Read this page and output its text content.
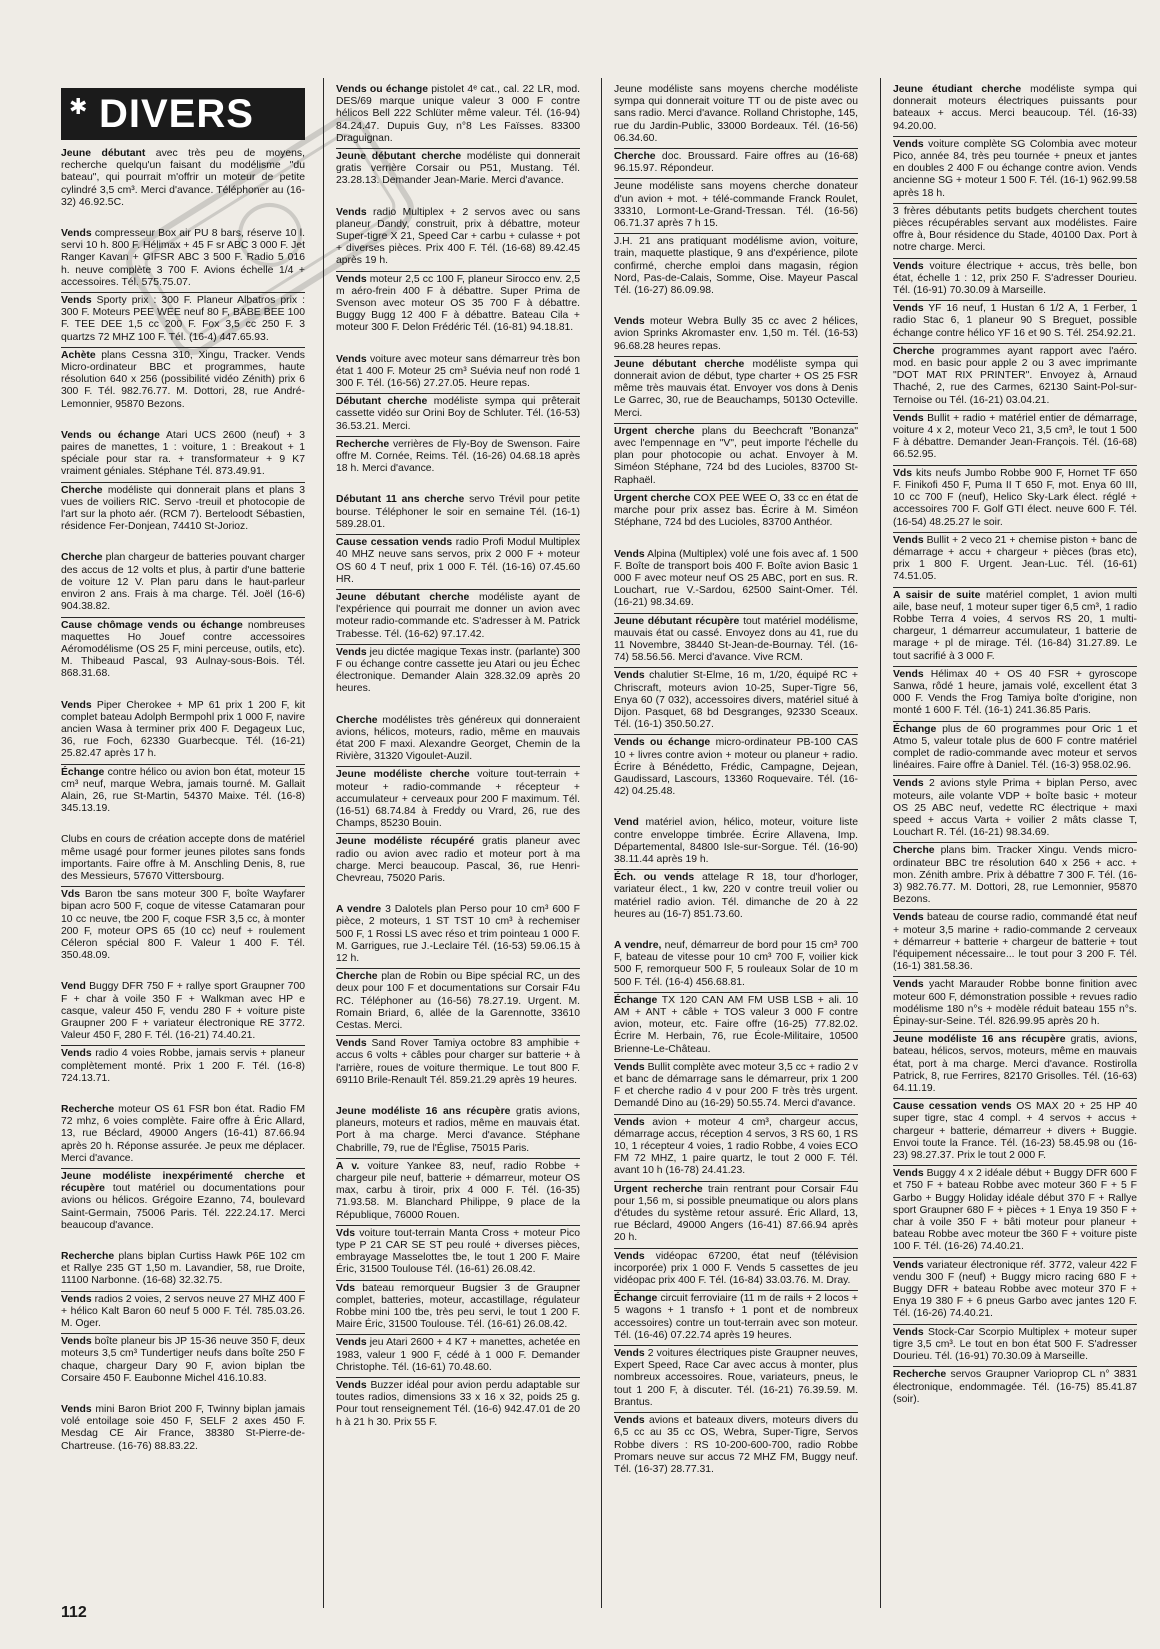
✱ DIVERS
Jeune débutant avec très peu de moyens, recherche quelqu'un faisant du modélisme "du bateau", qui pourrait m'offrir un moteur de petite cylindré 3,5 cm³. Merci d'avance. Téléphoner au (16-32) 46.92.5C.
Vends compresseur Box air PU 8 bars, réserve 10 l. servi 10 h. 800 F. Hélimax + 45 F sr ABC 3 000 F. Jet Ranger Kavan + GIFSR ABC 3 500 F. Radio 5 016 h. neuve complète 3 700 F. Avions échelle 1/4 + accessoires. Tél. 575.75.07.
Vends Sporty prix : 300 F. Planeur Albatros prix : 300 F. Moteurs PEE WEE neuf 80 F, BABE BEE 100 F. TEE DEE 1,5 cc 200 F. Fox 3,5 cc 250 F. 3 quartzs 72 MHZ 100 F. Tél. (16-4) 447.65.93.
Achète plans Cessna 310, Xingu, Tracker. Vends Micro-ordinateur BBC et programmes, haute résolution 640 x 256 (possibilité vidéo Zénith) prix 6 300 F. Tél. 982.76.77. M. Dottori, 28, rue André-Lemonnier, 95870 Bezons.
Vends ou échange Atari UCS 2600 (neuf) + 3 paires de manettes, 1 : voiture, 1 : Breakout + 1 spéciale pour star ra. + transformateur + 9 K7 vraiment géniales. Stéphane Tél. 873.49.91.
Cherche modéliste qui donnerait plans et plans 3 vues de voiliers RIC. Servo -treuil et photocopie de l'art sur la photo aér. (RCM 7). Berteloodt Sébastien, résidence Fer-Donjean, 74410 St-Jorioz.
Cherche plan chargeur de batteries pouvant charger des accus de 12 volts et plus, à partir d'une batterie de voiture 12 V. Plan paru dans le haut-parleur environ 2 ans. Frais à ma charge. Tél. Joël (16-6) 904.38.82.
Cause chômage vends ou échange nombreuses maquettes Ho Jouef contre accessoires Aéromodélisme (OS 25 F, mini perceuse, outils, etc). M. Thibeaud Pascal, 93 Aulnay-sous-Bois. Tél. 868.31.68.
Vends Piper Cherokee + MP 61 prix 1 200 F, kit complet bateau Adolph Bermpohl prix 1 000 F, navire ancien Wasa à terminer prix 400 F. Degageux Luc, 36, rue Foch, 62330 Guarbecque. Tél. (16-21) 25.82.47 après 17 h.
Échange contre hélico ou avion bon état, moteur 15 cm³ neuf, marque Webra, jamais tourné. M. Gallait Alain, 26, rue St-Martin, 54370 Maixe. Tél. (16-8) 345.13.19.
Clubs en cours de création accepte dons de matériel même usagé pour former jeunes pilotes sans fonds importants. Faire offre à M. Anschling Denis, 8, rue des Messieurs, 57670 Vittersbourg.
Vds Baron tbe sans moteur 300 F, boîte Wayfarer bipan acro 500 F, coque de vitesse Catamaran pour 10 cc neuve, tbe 200 F, coque FSR 3,5 cc, à monter 200 F, moteur OPS 65 (10 cc) neuf + roulement Céleron spécial 800 F. Valeur 1 400 F. Tél. 350.48.09.
Vend Buggy DFR 750 F + rallye sport Graupner 700 F + char à voile 350 F + Walkman avec HP e casque, valeur 450 F, vendu 280 F + voiture piste Graupner 200 F + variateur électronique RE 3772. Valeur 450 F, 280 F. Tél. (16-21) 74.40.21.
Vends radio 4 voies Robbe, jamais servis + planeur complètement monté. Prix 1 200 F. Tél. (16-8) 724.13.71.
Recherche moteur OS 61 FSR bon état. Radio FM 72 mhz, 6 voies complète. Faire offre à Éric Allard, 13, rue Béclard, 49000 Angers (16-41) 87.66.94 après 20 h. Réponse assurée. Je peux me déplacer. Merci d'avance.
Jeune modéliste inexpérimenté cherche et récupère tout matériel ou documentations pour avions ou hélicos. Grégoire Ezanno, 74, boulevard Saint-Germain, 75006 Paris. Tél. 222.24.17. Merci beaucoup d'avance.
Recherche plans biplan Curtiss Hawk P6E 102 cm et Rallye 235 GT 1,50 m. Lavandier, 58, rue Droite, 11100 Narbonne. (16-68) 32.32.75.
Vends radios 2 voies, 2 servos neuve 27 MHZ 400 F + hélico Kalt Baron 60 neuf 5 000 F. Tél. 785.03.26. M. Oger.
Vends boîte planeur bis JP 15-36 neuve 350 F, deux moteurs 3,5 cm³ Tundertiger neufs dans boîte 250 F chaque, chargeur Dary 90 F, avion biplan tbe Corsaire 450 F. Eaubonne Michel 416.10.83.
Vends mini Baron Briot 200 F, Twinny biplan jamais volé entoilage soie 450 F, SELF 2 axes 450 F. Mesdag CE Air France, 38380 St-Pierre-de-Chartreuse. (16-76) 88.83.22.
Vends ou échange pistolet 4ᵉ cat., cal. 22 LR, mod. DES/69 marque unique valeur 3 000 F contre hélicos Bell 222 Schlüter même valeur. Tél. (16-94) 84.24.47. Dupuis Guy, n°8 Les Faïsses. 83300 Draguignan.
Jeune débutant cherche modéliste qui donnerait gratis verrière Corsair ou P51, Mustang. Tél. 23.28.13. Demander Jean-Marie. Merci d'avance.
Vends radio Multiplex + 2 servos avec ou sans planeur Dandy, construit, prix à débattre, moteur Super-tigre X 21, Speed Car + carbu + culasse + pot + diverses pièces. Prix 400 F. Tél. (16-68) 89.42.45 après 19 h.
Vends moteur 2,5 cc 100 F, planeur Sirocco env. 2,5 m aéro-frein 400 F à débattre. Super Prima de Svenson avec moteur OS 35 700 F à débattre. Buggy Bugg 12 400 F à débattre. Bateau Cila + moteur 300 F. Delon Frédéric Tél. (16-81) 94.18.81.
Vends voiture avec moteur sans démarreur très bon état 1 400 F. Moteur 25 cm³ Suévia neuf non rodé 1 300 F. Tél. (16-56) 27.27.05. Heure repas.
Débutant cherche modéliste sympa qui prêterait cassette vidéo sur Orini Boy de Schluter. Tél. (16-53) 36.53.21. Merci.
Recherche verrières de Fly-Boy de Swenson. Faire offre M. Cornée, Reims. Tél. (16-26) 04.68.18 après 18 h. Merci d'avance.
Débutant 11 ans cherche servo Trévil pour petite bourse. Téléphoner le soir en semaine Tél. (16-1) 589.28.01.
Cause cessation vends radio Profi Modul Multiplex 40 MHZ neuve sans servos, prix 2 000 F + moteur OS 60 4 T neuf, prix 1 000 F. Tél. (16-16) 07.45.60 HR.
Jeune débutant cherche modéliste ayant de l'expérience qui pourrait me donner un avion avec moteur radio-commande etc. S'adresser à M. Patrick Trabesse. Tél. (16-62) 97.17.42.
Vends jeu dictée magique Texas instr. (parlante) 300 F ou échange contre cassette jeu Atari ou jeu Échec électronique. Demander Alain 328.32.09 après 20 heures.
Cherche modélistes très généreux qui donneraient avions, hélicos, moteurs, radio, même en mauvais état 200 F maxi. Alexandre Georget, Chemin de la Rivière, 31320 Vigoulet-Auzil.
Jeune modéliste cherche voiture tout-terrain + moteur + radio-commande + récepteur + accumulateur + cerveaux pour 200 F maximum. Tél. (16-51) 68.74.84 à Freddy ou Vrard, 26, rue des Champs, 85230 Bouin.
Jeune modéliste récupéré gratis planeur avec radio ou avion avec radio et moteur port à ma charge. Merci beaucoup. Pascal, 36, rue Henri-Chevreau, 75020 Paris.
A vendre 3 Dalotels plan Perso pour 10 cm³ 600 F pièce, 2 moteurs, 1 ST TST 10 cm³ à rechemiser 500 F, 1 Rossi LS avec réso et trim pointeau 1 000 F. M. Garrigues, rue J.-Leclaire Tél. (16-53) 59.06.15 à 12 h.
Cherche plan de Robin ou Bipe spécial RC, un des deux pour 100 F et documentations sur Corsair F4u RC. Téléphoner au (16-56) 78.27.19. Urgent. M. Romain Briard, 6, allée de la Garennotte, 33610 Cestas. Merci.
Vends Sand Rover Tamiya octobre 83 amphibie + accus 6 volts + câbles pour charger sur batterie + à l'arrière, roues de voiture thermique. Le tout 800 F. 69110 Brile-Renault Tél. 859.21.29 après 19 heures.
Jeune modéliste 16 ans récupère gratis avions, planeurs, moteurs et radios, même en mauvais état. Port à ma charge. Merci d'avance. Stéphane Chabrille, 79, rue de l'Église, 75015 Paris.
A v. voiture Yankee 83, neuf, radio Robbe + chargeur pile neuf, batterie + démarreur, moteur OS max, carbu à tiroir, prix 4 000 F. Tél. (16-35) 71.93.58. M. Blanchard Philippe, 9 place de la République, 76000 Rouen.
Vds voiture tout-terrain Manta Cross + moteur Pico type P 21 CAR SE ST peu roulé + diverses pièces, embrayage Masselottes tbe, le tout 1 200 F. Maire Éric, 31500 Toulouse Tél. (16-61) 26.08.42.
Vds bateau remorqueur Bugsier 3 de Graupner complet, batteries, moteur, accastillage, régulateur Robbe mini 100 tbe, très peu servi, le tout 1 200 F. Maire Éric, 31500 Toulouse. Tél. (16-61) 26.08.42.
Vends jeu Atari 2600 + 4 K7 + manettes, achetée en 1983, valeur 1 900 F, cédé à 1 000 F. Demander Christophe. Tél. (16-61) 70.48.60.
Vends Buzzer idéal pour avion perdu adaptable sur toutes radios, dimensions 33 x 16 x 32, poids 25 g. Pour tout renseignement Tél. (16-6) 942.47.01 de 20 h à 21 h 30. Prix 55 F.
Jeune modéliste sans moyens cherche modéliste sympa qui donnerait voiture TT ou de piste avec ou sans radio. Merci d'avance. Rolland Christophe, 145, rue du Jardin-Public, 33000 Bordeaux. Tél. (16-56) 06.34.60.
Cherche doc. Broussard. Faire offres au (16-68) 96.15.97. Répondeur.
Jeune modéliste sans moyens cherche donateur d'un avion + mot. + télé-commande Franck Roulet, 33310, Lormont-Le-Grand-Tressan. Tél. (16-56) 06.71.37 après 7 h 15.
J.H. 21 ans pratiquant modélisme avion, voiture, train, maquette plastique, 9 ans d'expérience, pilote confirmé, cherche emploi dans magasin, région Nord, Pas-de-Calais, Somme, Oise. Mayeur Pascal Tél. (16-27) 86.09.98.
Vends moteur Webra Bully 35 cc avec 2 hélices, avion Sprinks Akromaster env. 1,50 m. Tél. (16-53) 96.68.28 heures repas.
Jeune débutant cherche modéliste sympa qui donnerait avion de début, type charter + OS 25 FSR même très mauvais état. Envoyer vos dons à Denis Le Garrec, 30, rue de Beauchamps, 50130 Octeville. Merci.
Urgent cherche plans du Beechcraft "Bonanza" avec l'empennage en "V", peut importe l'échelle du plan pour photocopie ou achat. Envoyer à M. Siméon Stéphane, 724 bd des Lucioles, 83700 St-Raphaël.
Urgent cherche COX PEE WEE O, 33 cc en état de marche pour prix assez bas. Écrire à M. Siméon Stéphane, 724 bd des Lucioles, 83700 Anthéor.
Vends Alpina (Multiplex) volé une fois avec af. 1 500 F. Boîte de transport bois 400 F. Boîte avion Basic 1 000 F avec moteur neuf OS 25 ABC, port en sus. R. Louchart, rue V.-Sardou, 62500 Saint-Omer. Tél. (16-21) 98.34.69.
Jeune débutant récupère tout matériel modélisme, mauvais état ou cassé. Envoyez dons au 41, rue du 11 Novembre, 38440 St-Jean-de-Bournay. Tél. (16-74) 58.56.56. Merci d'avance. Vive RCM.
Vends chalutier St-Elme, 16 m, 1/20, équipé RC + Chriscraft, moteurs avion 10-25, Super-Tigre 56, Enya 60 (7 032), accessoires divers, matériel situé à Dijon. Pasquet, 68 bd Desgranges, 92330 Sceaux. Tél. (16-1) 350.50.27.
Vends ou échange micro-ordinateur PB-100 CAS 10 + livres contre avion + moteur ou planeur + radio. Écrire à Bénédetto, Frédic, Campagne, Dejean, Gaudissard, Lascours, 13360 Roquevaire. Tél. (16-42) 04.25.48.
Vend matériel avion, hélico, moteur, voiture liste contre enveloppe timbrée. Écrire Allavena, Imp. Départemental, 84800 Isle-sur-Sorgue. Tél. (16-90) 38.11.44 après 19 h.
Éch. ou vends attelage R 18, tour d'horloger, variateur élect., 1 kw, 220 v contre treuil volier ou matériel radio avion. Tél. dimanche de 20 à 22 heures au (16-7) 851.73.60.
A vendre, neuf, démarreur de bord pour 15 cm³ 700 F, bateau de vitesse pour 10 cm³ 700 F, voilier kick 500 F, remorqueur 500 F, 5 rouleaux Solar de 10 m 500 F. Tél. (16-4) 456.68.81.
Échange TX 120 CAN AM FM USB LSB + ali. 10 AM + ANT + câble + TOS valeur 3 000 F contre avion, moteur, etc. Faire offre (16-25) 77.82.02. Écrire M. Herbain, 76, rue École-Militaire, 10500 Brienne-Le-Château.
Vends Bullit complète avec moteur 3,5 cc + radio 2 v et banc de démarrage sans le démarreur, prix 1 200 F et cherche radio 4 v pour 200 F très très urgent. Demandé Dino au (16-29) 50.55.74. Merci d'avance.
Vends avion + moteur 4 cm³, chargeur accus, démarrage accus, réception 4 servos, 3 RS 60, 1 RS 10, 1 récepteur 4 voies, 1 radio Robbe, 4 voies ECO FM 72 MHZ, 1 paire quartz, le tout 2 000 F. Tél. avant 10 h (16-78) 24.41.23.
Urgent recherche train rentrant pour Corsair F4u pour 1,56 m, si possible pneumatique ou alors plans d'études du système retour assuré. Éric Allard, 13, rue Béclard, 49000 Angers (16-41) 87.66.94 après 20 h.
Vends vidéopac 67200, état neuf (télévision incorporée) prix 1 000 F. Vends 5 cassettes de jeu vidéopac prix 400 F. Tél. (16-84) 33.03.76. M. Dray.
Échange circuit ferroviaire (11 m de rails + 2 locos + 5 wagons + 1 transfo + 1 pont et de nombreux accessoires) contre un tout-terrain avec son moteur. Tél. (16-46) 07.22.74 après 19 heures.
Vends 2 voitures électriques piste Graupner neuves, Expert Speed, Race Car avec accus à monter, plus nombreux accessoires. Roue, variateurs, pneus, le tout 1 200 F, à discuter. Tél. (16-21) 76.39.59. M. Brantus.
Vends avions et bateaux divers, moteurs divers du 6,5 cc au 35 cc OS, Webra, Super-Tigre, Servos Robbe divers : RS 10-200-600-700, radio Robbe Promars neuve sur accus 72 MHZ FM, Buggy neuf. Tél. (16-37) 28.77.31.
Jeune étudiant cherche modéliste sympa qui donnerait moteurs électriques puissants pour bateaux + accus. Merci beaucoup. Tél. (16-33) 94.20.00.
Vends voiture complète SG Colombia avec moteur Pico, année 84, très peu tournée + pneux et jantes en doubles 2 400 F ou échange contre avion. Vends ancienne SG + moteur 1 500 F. Tél. (16-1) 962.99.58 après 18 h.
3 frères débutants petits budgets cherchent toutes pièces récupérables servant aux modélistes. Faire offre à, Bour résidence du Stade, 40100 Dax. Port à notre charge. Merci.
Vends voiture électrique + accus, très belle, bon état, échelle 1 : 12, prix 250 F. S'adresser Dourieu. Tél. (16-91) 70.30.09 à Marseille.
Vends YF 16 neuf, 1 Hustan 6 1/2 A, 1 Ferber, 1 radio Stac 6, 1 planeur 90 S Breguet, possible échange contre hélico YF 16 et 90 S. Tél. 254.92.21.
Cherche programmes ayant rapport avec l'aéro. mod. en basic pour apple 2 ou 3 avec imprimante "DOT MAT RIX PRINTER". Envoyez à, Arnaud Thaché, 2, rue des Carmes, 62130 Saint-Pol-sur-Ternoise ou Tél. (16-21) 03.04.21.
Vends Bullit + radio + matériel entier de démarrage, voiture 4 x 2, moteur Veco 21, 3,5 cm³, le tout 1 500 F à débattre. Demander Jean-François. Tél. (16-68) 66.52.95.
Vds kits neufs Jumbo Robbe 900 F, Hornet TF 650 F. Finikofi 450 F, Puma II T 650 F, mot. Enya 60 III, 10 cc 700 F (neuf), Helico Sky-Lark élect. réglé + accessoires 700 F. Golf GTI élect. neuve 600 F. Tél. (16-54) 48.25.27 le soir.
Vends Bullit + 2 veco 21 + chemise piston + banc de démarrage + accu + chargeur + pièces (bras etc), prix 1 800 F. Urgent. Jean-Luc. Tél. (16-61) 74.51.05.
A saisir de suite matériel complet, 1 avion multi aile, base neuf, 1 moteur super tiger 6,5 cm³, 1 radio Robbe Terra 4 voies, 4 servos RS 20, 1 multi-chargeur, 1 démarreur accumulateur, 1 batterie de marage + pl de mirage. Tél. (16-84) 31.27.89. Le tout sacrifié à 3 000 F.
Vends Hélimax 40 + OS 40 FSR + gyroscope Sanwa, rôdé 1 heure, jamais volé, excellent état 3 000 F. Vends the Frog Tamiya boîte d'origine, non monté 1 600 F. Tél. (16-1) 241.36.85 Paris.
Échange plus de 60 programmes pour Oric 1 et Atmo 5, valeur totale plus de 600 F contre matériel complet de radio-commande avec moteur et servos linéaires. Faire offre à Daniel. Tél. (16-3) 958.02.96.
Vends 2 avions style Prima + biplan Perso, avec moteurs, aile volante VDP + boîte basic + moteur OS 25 ABC neuf, vedette RC électrique + maxi speed + accus Varta + voilier 2 mâts classe T, Louchart R. Tél. (16-21) 98.34.69.
Cherche plans bim. Tracker Xingu. Vends micro-ordinateur BBC tre résolution 640 x 256 + acc. + mon. Zénith ambre. Prix à débattre 7 300 F. Tél. (16-3) 982.76.77. M. Dottori, 28, rue Lemonnier, 95870 Bezons.
Vends bateau de course radio, commandé état neuf + moteur 3,5 marine + radio-commande 2 cerveaux + démarreur + batterie + chargeur de batterie + tout l'équipement nécessaire... le tout pour 3 200 F. Tél. (16-1) 381.58.36.
Vends yacht Marauder Robbe bonne finition avec moteur 600 F, démonstration possible + revues radio modélisme 180 n°s + modèle réduit bateau 155 n°s. Épinay-sur-Seine. Tél. 826.99.95 après 20 h.
Jeune modéliste 16 ans récupère gratis, avions, bateau, hélicos, servos, moteurs, même en mauvais état, port à ma charge. Merci d'avance. Rostirolla Patrick, 8, rue Ferrires, 82170 Grisolles. Tél. (16-63) 64.11.19.
Cause cessation vends OS MAX 20 + 25 HP 40 super tigre, stac 4 compl. + 4 servos + accus + chargeur + batterie, démarreur + divers + Buggie. Envoi toute la France. Tél. (16-23) 58.45.98 ou (16-23) 98.27.37. Prix le tout 2 000 F.
Vends Buggy 4 x 2 idéale début + Buggy DFR 600 F et 750 F + bateau Robbe avec moteur 360 F + 5 F Garbo + Buggy Holiday idéale début 370 F + Rallye sport Graupner 680 F + pièces + 1 Enya 19 350 F + char à voile 350 F + bâti moteur pour planeur + bateau Robbe avec moteur tbe 360 F + voiture piste 100 F. Tél. (16-26) 74.40.21.
Vends variateur électronique réf. 3772, valeur 422 F vendu 300 F (neuf) + Buggy micro racing 680 F + Buggy DFR + bateau Robbe avec moteur 370 F + Enya 19 380 F + 6 pneus Garbo avec jantes 120 F. Tél. (16-26) 74.40.21.
Vends Stock-Car Scorpio Multiplex + moteur super tigre 3,5 cm³. Le tout en bon état 500 F. S'adresser Dourieu. Tél. (16-91) 70.30.09 à Marseille.
Recherche servos Graupner Varioprop CL n° 3831 électronique, endommagée. Tél. (16-75) 85.41.87 (soir).
112
